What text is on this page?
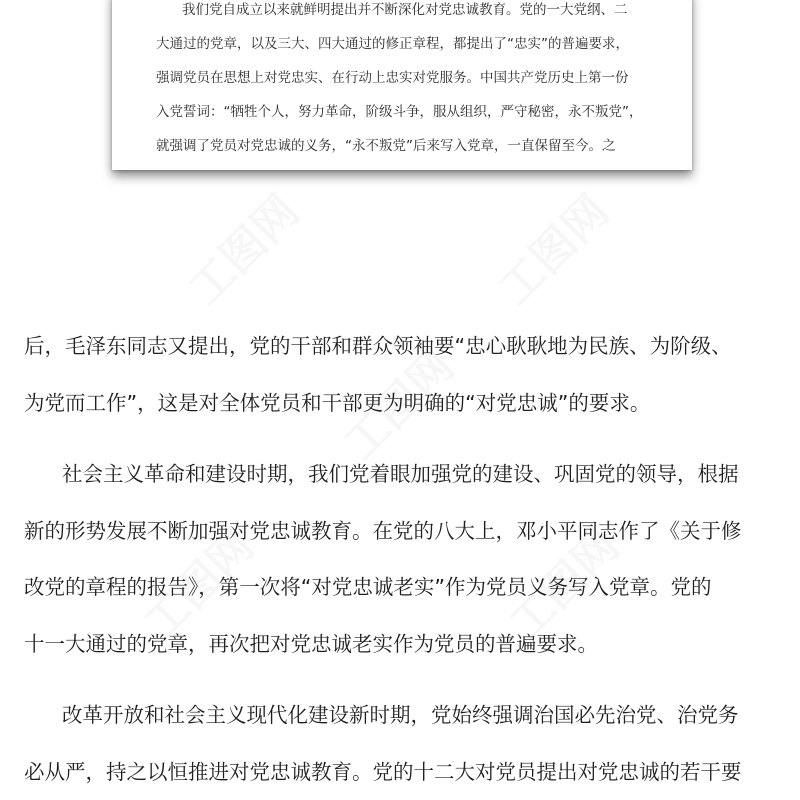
工图网	工图网
工图网
工图网	工图网
我们党自成立以来就鲜明提出并不断深化对党忠诚教育。党的一大党纲、二
大通过的党章，以及三大、四大通过的修正章程，都提出了“忠实”的普遍要求，
强调党员在思想上对党忠实、在行动上忠实对党服务。中国共产党历史上第一份
入党誓词：“牺牲个人，努力革命，阶级斗争，服从组织，严守秘密，永不叛党”，
就强调了党员对党忠诚的义务，“永不叛党”后来写入党章，一直保留至今。之
后，毛泽东同志又提出，党的干部和群众领袖要“忠心耿耿地为民族、为阶级、
为党而工作”，这是对全体党员和干部更为明确的“对党忠诚”的要求。
社会主义革命和建设时期，我们党着眼加强党的建设、巩固党的领导，根据
新的形势发展不断加强对党忠诚教育。在党的八大上，邓小平同志作了《关于修
改党的章程的报告》，第一次将“对党忠诚老实”作为党员义务写入党章。党的
十一大通过的党章，再次把对党忠诚老实作为党员的普遍要求。
改革开放和社会主义现代化建设新时期，党始终强调治国必先治党、治党务
必从严，持之以恒推进对党忠诚教育。党的十二大对党员提出对党忠诚的若干要
